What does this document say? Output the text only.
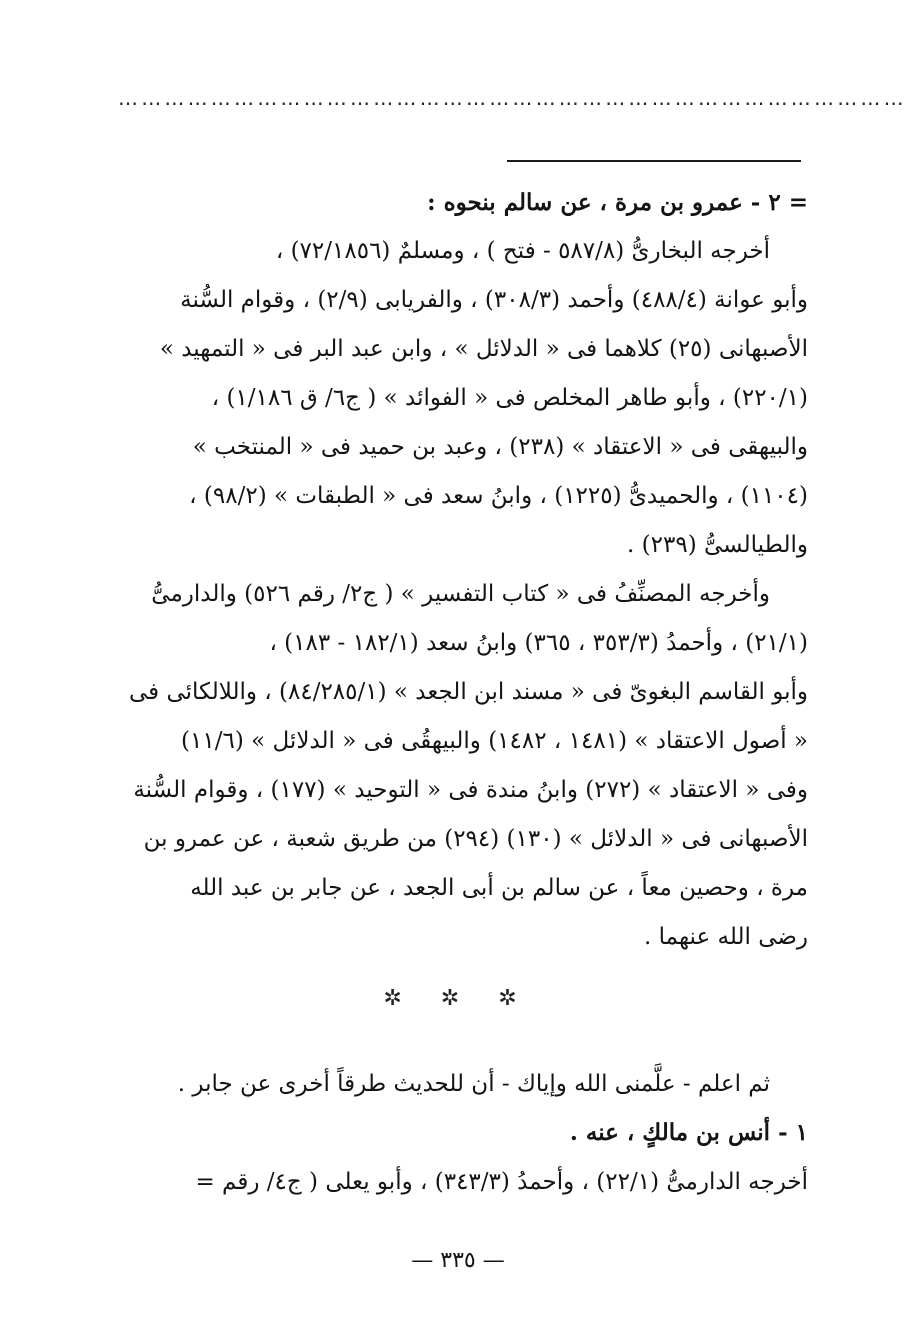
…………………………………………………………………………………………
= ٢ - عمرو بن مرة ، عن سالم بنحوه :
أخرجه البخارىُّ (٥٨٧/٨ - فتح ) ، ومسلمٌ (٧٢/١٨٥٦) ،
وأبو عوانة (٤٨٨/٤) وأحمد (٣٠٨/٣) ، والفريابى (٢/٩) ، وقوام السُّنة
الأصبهانى (٢٥) كلاهما فى « الدلائل » ، وابن عبد البر فى « التمهيد »
(٢٢٠/١) ، وأبو طاهر المخلص فى « الفوائد » ( ج٦/ ق ١/١٨٦) ،
والبيهقى فى « الاعتقاد » (٢٣٨) ، وعبد بن حميد فى « المنتخب »
(١١٠٤) ، والحميدىُّ (١٢٢٥) ، وابنُ سعد فى « الطبقات » (٩٨/٢) ،
والطيالسىُّ (٢٣٩) .
وأخرجه المصنِّفُ فى « كتاب التفسير » ( ج٢/ رقم ٥٢٦) والدارمىُّ
(٢١/١) ، وأحمدُ (٣٥٣/٣ ، ٣٦٥) وابنُ سعد (١٨٢/١ - ١٨٣) ،
وأبو القاسم البغوىّ فى « مسند ابن الجعد » (٨٤/٢٨٥/١) ، واللالكائى فى
« أصول الاعتقاد » (١٤٨١ ، ١٤٨٢) والبيهقُى فى « الدلائل » (١١/٦)
وفى « الاعتقاد » (٢٧٢) وابنُ مندة فى « التوحيد » (١٧٧) ، وقوام السُّنة
الأصبهانى فى « الدلائل » (١٣٠) (٢٩٤) من طريق شعبة ، عن عمرو بن
مرة ، وحصين معاً ، عن سالم بن أبى الجعد ، عن جابر بن عبد الله
رضى الله عنهما .
✲ ✲ ✲
ثم اعلم - علَّمنى الله وإياك - أن للحديث طرقاً أخرى عن جابر .
١ - أنس بن مالكٍ ، عنه .
أخرجه الدارمىُّ (٢٢/١) ، وأحمدُ (٣٤٣/٣) ، وأبو يعلى ( ج٤/ رقم =
— ٣٣٥ —
